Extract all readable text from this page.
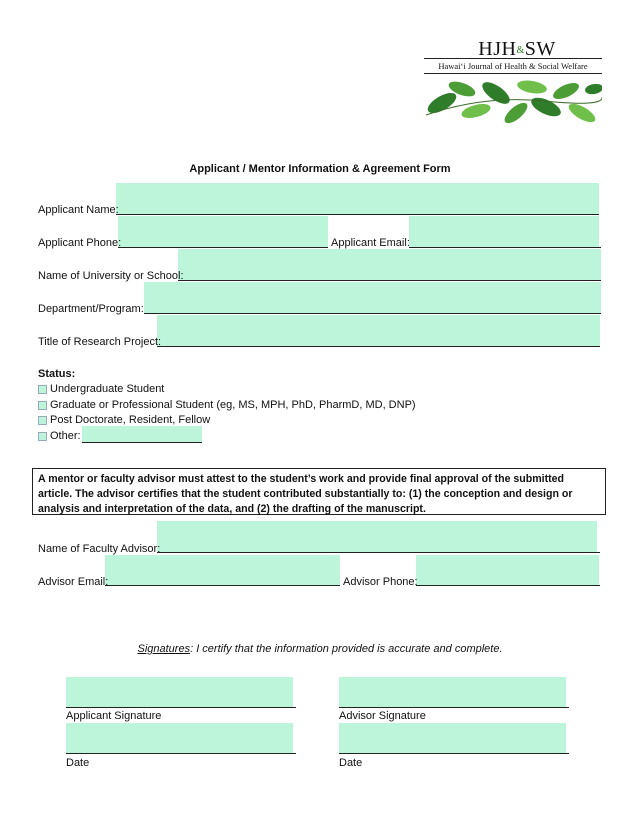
HJH&SW
Hawai‘i Journal of Health & Social Welfare
Applicant / Mentor Information & Agreement Form
Applicant Name:
Applicant Phone:	Applicant Email:
Name of University or School:
Department/Program:
Title of Research Project:
Status:
Undergraduate Student
Graduate or Professional Student (eg, MS, MPH, PhD, PharmD, MD, DNP)
Post Doctorate, Resident, Fellow
Other:
A mentor or faculty advisor must attest to the student’s work and provide final approval of the submitted article. The advisor certifies that the student contributed substantially to: (1) the conception and design or analysis and interpretation of the data, and (2) the drafting of the manuscript.
Name of Faculty Advisor:
Advisor Email:	Advisor Phone:
Signatures: I certify that the information provided is accurate and complete.
Applicant Signature	Advisor Signature
Date	Date
